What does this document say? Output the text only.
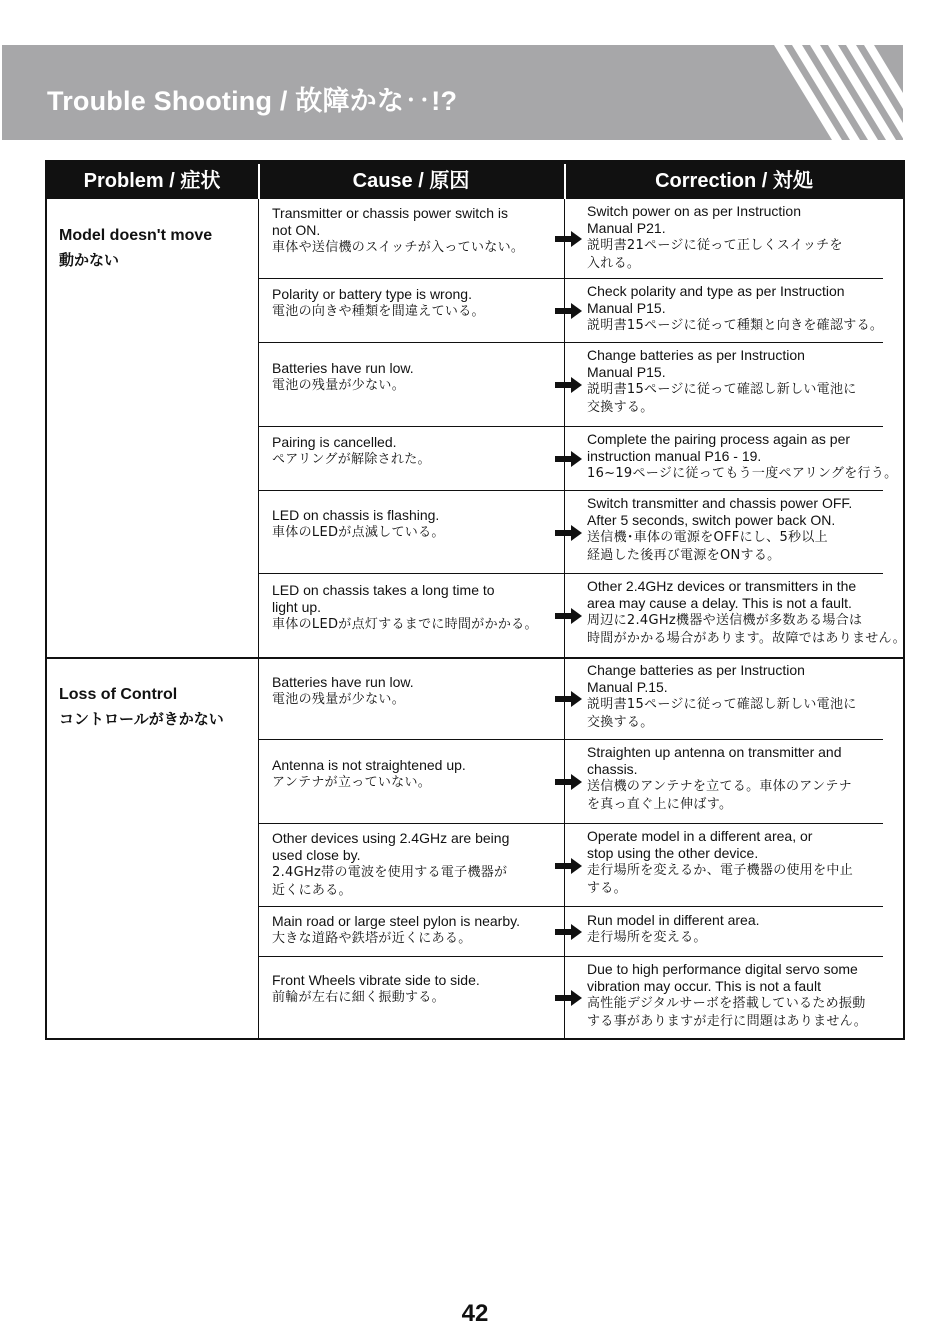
Trouble Shooting / 故障かな‥!?
Problem / 症状	Cause / 原因	Correction / 対処
Model doesn't move
動かない
Transmitter or chassis power switch is
not ON.
車体や送信機のスイッチが入っていない。
Switch power on as per Instruction
Manual P21.
説明書21ページに従って正しくスイッチを
入れる。
Polarity or battery type is wrong.
電池の向きや種類を間違えている。
Check polarity and type as per Instruction
Manual P15.
説明書15ページに従って種類と向きを確認する。
Batteries have run low.
電池の残量が少ない。
Change batteries as per Instruction
Manual P15.
説明書15ページに従って確認し新しい電池に
交換する。
Pairing is cancelled.
ペアリングが解除された。
Complete the pairing process again as per
instruction manual P16 - 19.
16~19ページに従ってもう一度ペアリングを行う。
LED on chassis is flashing.
車体のLEDが点滅している。
Switch transmitter and chassis power OFF.
After 5 seconds, switch power back ON.
送信機･車体の電源をOFFにし、5秒以上
経過した後再び電源をONする。
LED on chassis takes a long time to
light up.
車体のLEDが点灯するまでに時間がかかる。
Other 2.4GHz devices or transmitters in the
area may cause a delay. This is not a fault.
周辺に2.4GHz機器や送信機が多数ある場合は
時間がかかる場合があります。故障ではありません。
Loss of Control
コントロールがきかない
Batteries have run low.
電池の残量が少ない。
Change batteries as per Instruction
Manual P.15.
説明書15ページに従って確認し新しい電池に
交換する。
Antenna is not straightened up.
アンテナが立っていない。
Straighten up antenna on transmitter and
chassis.
送信機のアンテナを立てる。車体のアンテナ
を真っ直ぐ上に伸ばす。
Other devices using 2.4GHz are being
used close by.
2.4GHz帯の電波を使用する電子機器が
近くにある。
Operate model in a different area, or
stop using the other device.
走行場所を変えるか、電子機器の使用を中止
する。
Main road or large steel pylon is nearby.
大きな道路や鉄塔が近くにある。
Run model in different area.
走行場所を変える。
Front Wheels vibrate side to side.
前輪が左右に細く振動する。
Due to high performance digital servo some
vibration may occur. This is not a fault
高性能デジタルサーボを搭載しているため振動
する事がありますが走行に問題はありません。
42
